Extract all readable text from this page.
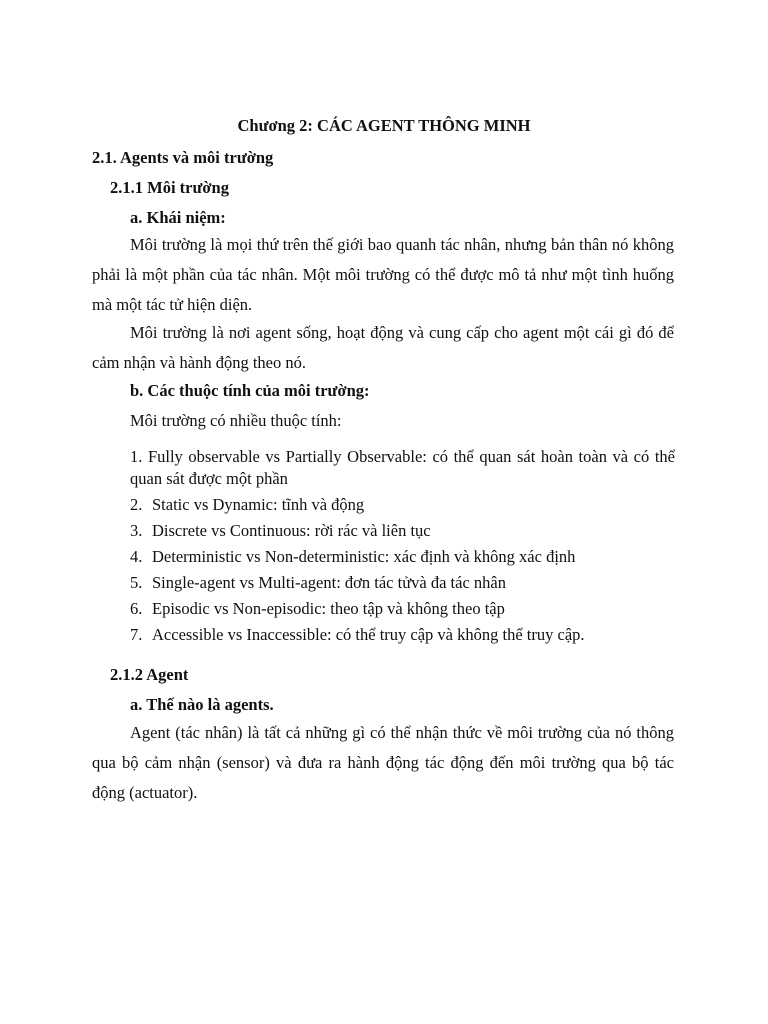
Chương 2: CÁC AGENT THÔNG MINH
2.1. Agents và môi trường
2.1.1 Môi trường
a. Khái niệm:
Môi trường là mọi thứ trên thế giới bao quanh tác nhân, nhưng bản thân nó không phải là một phần của tác nhân. Một môi trường có thể được mô tả như một tình huống mà một tác tử hiện diện.
Môi trường là nơi agent sống, hoạt động và cung cấp cho agent một cái gì đó để cảm nhận và hành động theo nó.
b. Các thuộc tính của môi trường:
Môi trường có nhiều thuộc tính:
1. Fully observable vs Partially Observable: có thể quan sát hoàn toàn và có thể quan sát được một phần
2. Static vs Dynamic: tĩnh và động
3. Discrete vs Continuous: rời rác và liên tục
4. Deterministic vs Non-deterministic: xác định và không xác định
5. Single-agent vs Multi-agent: đơn tác tửvà đa tác nhân
6. Episodic vs Non-episodic: theo tập và không theo tập
7. Accessible vs Inaccessible: có thể truy cập và không thể truy cập.
2.1.2 Agent
a. Thế nào là agents.
Agent (tác nhân) là tất cả những gì có thể nhận thức về môi trường của nó thông qua bộ cảm nhận (sensor) và đưa ra hành động tác động đến môi trường qua bộ tác động (actuator).
